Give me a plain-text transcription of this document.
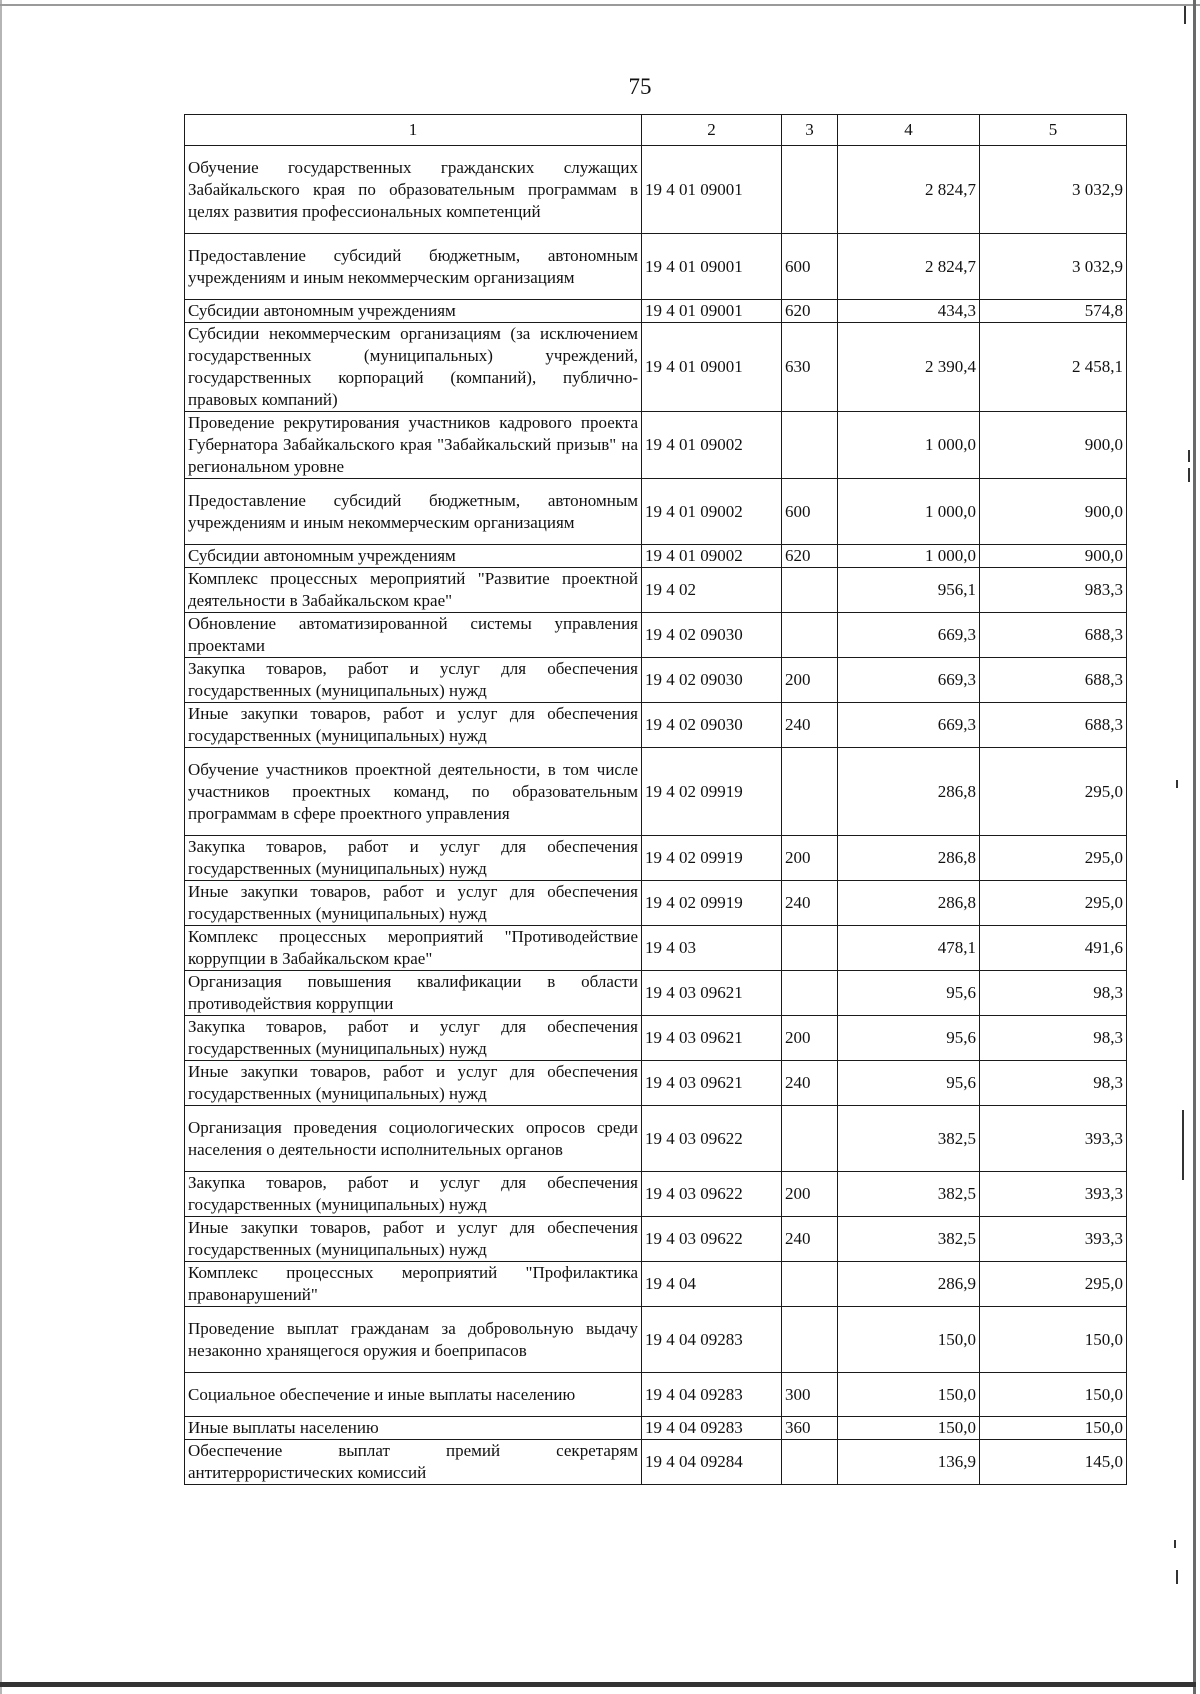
75
1	2	3	4	5
Обучение государственных гражданских служащих Забайкальского края по образовательным программам в целях развития профессиональных компетенций	19 4 01 09001		2 824,7	3 032,9
Предоставление субсидий бюджетным, автономным учреждениям и иным некоммерческим организациям	19 4 01 09001	600	2 824,7	3 032,9
Субсидии автономным учреждениям	19 4 01 09001	620	434,3	574,8
Субсидии некоммерческим организациям (за исключением государственных (муниципальных) учреждений, государственных корпораций (компаний), публично-правовых компаний)	19 4 01 09001	630	2 390,4	2 458,1
Проведение рекрутирования участников кадрового проекта Губернатора Забайкальского края "Забайкальский призыв" на региональном уровне	19 4 01 09002		1 000,0	900,0
Предоставление субсидий бюджетным, автономным учреждениям и иным некоммерческим организациям	19 4 01 09002	600	1 000,0	900,0
Субсидии автономным учреждениям	19 4 01 09002	620	1 000,0	900,0
Комплекс процессных мероприятий "Развитие проектной деятельности в Забайкальском крае"	19 4 02		956,1	983,3
Обновление автоматизированной системы управления проектами	19 4 02 09030		669,3	688,3
Закупка товаров, работ и услуг для обеспечения государственных (муниципальных) нужд	19 4 02 09030	200	669,3	688,3
Иные закупки товаров, работ и услуг для обеспечения государственных (муниципальных) нужд	19 4 02 09030	240	669,3	688,3
Обучение участников проектной деятельности, в том числе участников проектных команд, по образовательным программам в сфере проектного управления	19 4 02 09919		286,8	295,0
Закупка товаров, работ и услуг для обеспечения государственных (муниципальных) нужд	19 4 02 09919	200	286,8	295,0
Иные закупки товаров, работ и услуг для обеспечения государственных (муниципальных) нужд	19 4 02 09919	240	286,8	295,0
Комплекс процессных мероприятий "Противодействие коррупции в Забайкальском крае"	19 4 03		478,1	491,6
Организация повышения квалификации в области противодействия коррупции	19 4 03 09621		95,6	98,3
Закупка товаров, работ и услуг для обеспечения государственных (муниципальных) нужд	19 4 03 09621	200	95,6	98,3
Иные закупки товаров, работ и услуг для обеспечения государственных (муниципальных) нужд	19 4 03 09621	240	95,6	98,3
Организация проведения социологических опросов среди населения о деятельности исполнительных органов	19 4 03 09622		382,5	393,3
Закупка товаров, работ и услуг для обеспечения государственных (муниципальных) нужд	19 4 03 09622	200	382,5	393,3
Иные закупки товаров, работ и услуг для обеспечения государственных (муниципальных) нужд	19 4 03 09622	240	382,5	393,3
Комплекс процессных мероприятий "Профилактика правонарушений"	19 4 04		286,9	295,0
Проведение выплат гражданам за добровольную выдачу незаконно хранящегося оружия и боеприпасов	19 4 04 09283		150,0	150,0
Социальное обеспечение и иные выплаты населению	19 4 04 09283	300	150,0	150,0
Иные выплаты населению	19 4 04 09283	360	150,0	150,0
Обеспечение выплат премий секретарям антитеррористических комиссий	19 4 04 09284		136,9	145,0
